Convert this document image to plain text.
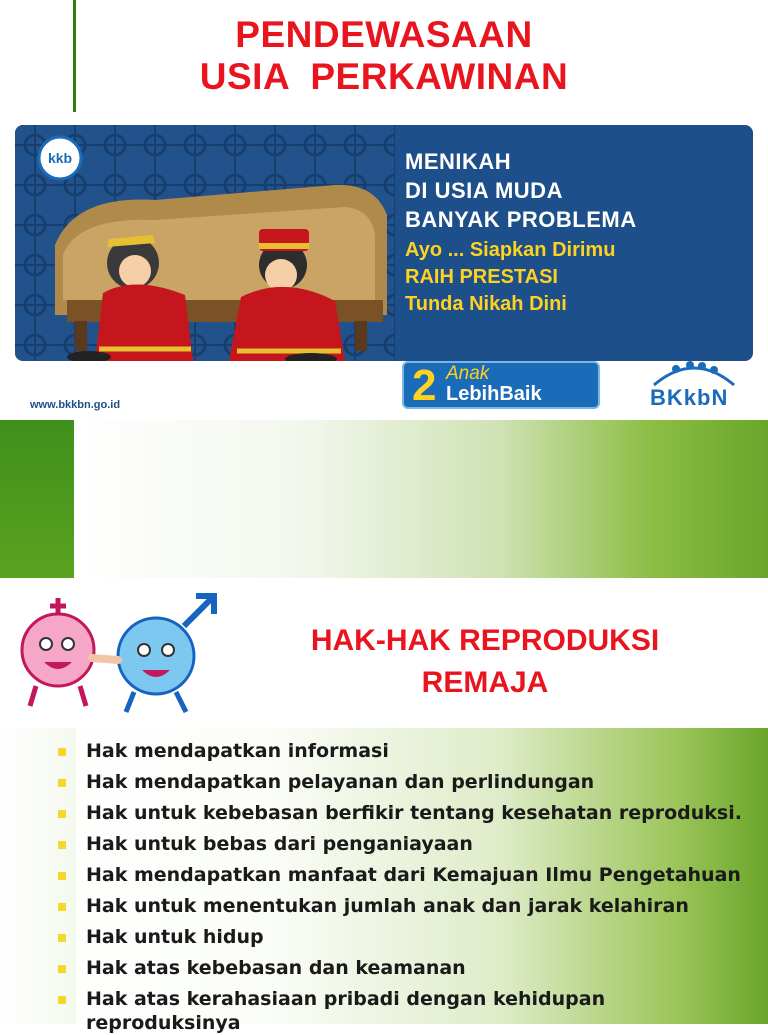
PENDEWASAAN
USIA  PERKAWINAN
kkb	MENIKAH
DI USIA MUDA
BANYAK PROBLEMA
Ayo ... Siapkan Dirimu
RAIH PRESTASI
Tunda Nikah Dini
www.bkkbn.go.id	2 Anak
LebihBaik	BKkbN
HAK-HAK REPRODUKSI
REMAJA
Hak mendapatkan informasi
Hak mendapatkan pelayanan dan perlindungan
Hak untuk kebebasan berfikir tentang kesehatan reproduksi.
Hak untuk bebas dari penganiayaan
Hak mendapatkan manfaat dari Kemajuan Ilmu Pengetahuan
Hak untuk menentukan jumlah anak dan jarak kelahiran
Hak untuk hidup
Hak atas kebebasan dan keamanan
Hak atas kerahasiaan pribadi dengan kehidupan reproduksinya
